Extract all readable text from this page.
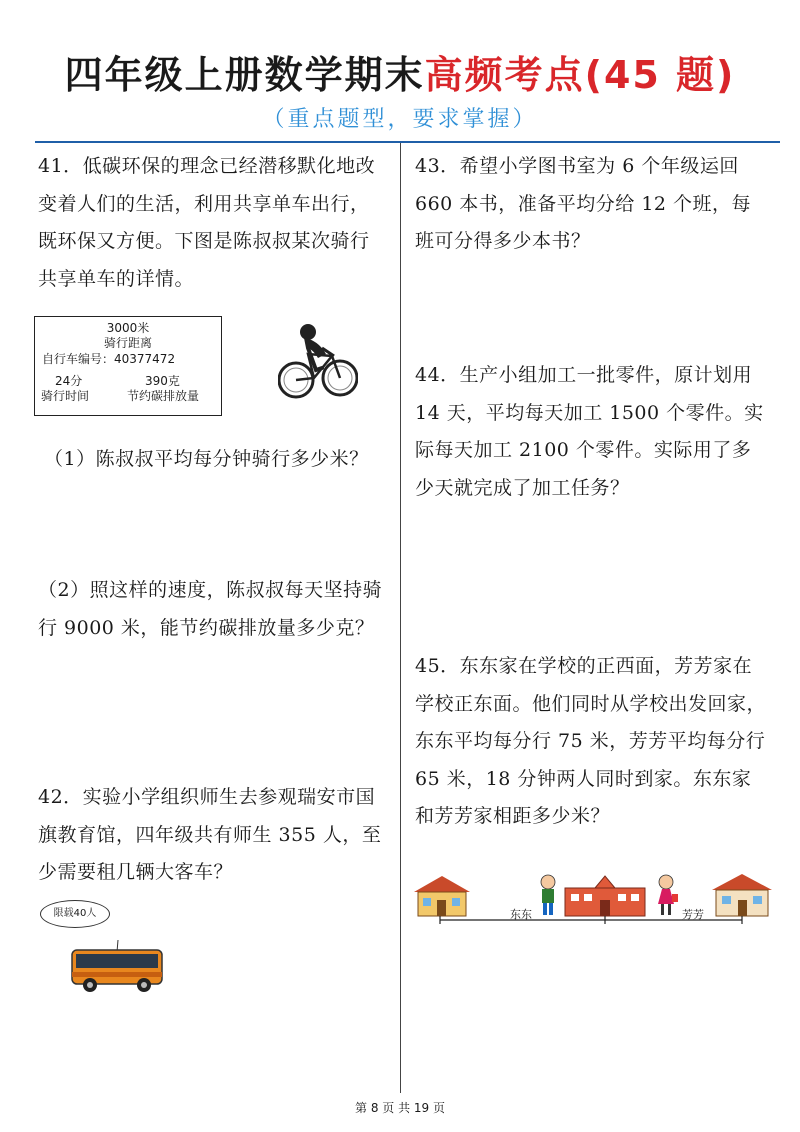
四年级上册数学期末高频考点(45 题)
（重点题型，要求掌握）

41．低碳环保的理念已经潜移默化地改变着人们的生活，利用共享单车出行，既环保又方便。下图是陈叔叔某次骑行共享单车的详情。

3000米
骑行距离
自行车编号：40377472
24分	390克
骑行时间	节约碳排放量
（1）陈叔叔平均每分钟骑行多少米？
（2）照这样的速度，陈叔叔每天坚持骑行 9000 米，能节约碳排放量多少克？
42．实验小学组织师生去参观瑞安市国旗教育馆，四年级共有师生 355 人，至少需要租几辆大客车？
限载40人
43．希望小学图书室为 6 个年级运回 660 本书，准备平均分给 12 个班，每班可分得多少本书？
44．生产小组加工一批零件，原计划用 14 天，平均每天加工 1500 个零件。实际每天加工 2100 个零件。实际用了多少天就完成了加工任务？
45．东东家在学校的正西面，芳芳家在学校正东面。他们同时从学校出发回家，东东平均每分行 75 米，芳芳平均每分行 65 米，18 分钟两人同时到家。东东家和芳芳家相距多少米？
东东	芳芳
第 8 页 共 19 页
